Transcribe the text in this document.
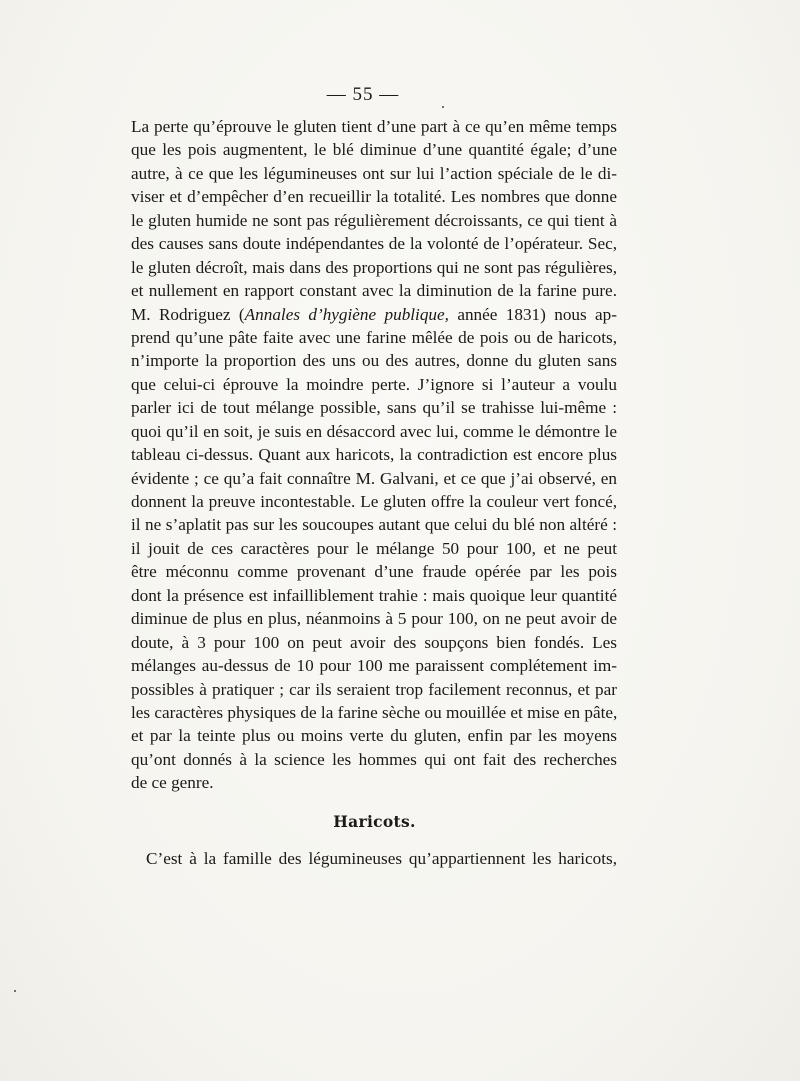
— 55 —
La perte qu’éprouve le gluten tient d’une part à ce qu’en même temps
que les pois augmentent, le blé diminue d’une quantité égale; d’une
autre, à ce que les légumineuses ont sur lui l’action spéciale de le di-
viser et d’empêcher d’en recueillir la totalité. Les nombres que donne
le gluten humide ne sont pas régulièrement décroissants, ce qui tient à
des causes sans doute indépendantes de la volonté de l’opérateur. Sec,
le gluten décroît, mais dans des proportions qui ne sont pas régulières,
et nullement en rapport constant avec la diminution de la farine pure.
M. Rodriguez (Annales d’hygiène publique, année 1831) nous ap-
prend qu’une pâte faite avec une farine mêlée de pois ou de haricots,
n’importe la proportion des uns ou des autres, donne du gluten sans
que celui-ci éprouve la moindre perte. J’ignore si l’auteur a voulu
parler ici de tout mélange possible, sans qu’il se trahisse lui-même :
quoi qu’il en soit, je suis en désaccord avec lui, comme le démontre le
tableau ci-dessus. Quant aux haricots, la contradiction est encore plus
évidente ; ce qu’a fait connaître M. Galvani, et ce que j’ai observé, en
donnent la preuve incontestable. Le gluten offre la couleur vert foncé,
il ne s’aplatit pas sur les soucoupes autant que celui du blé non altéré :
il jouit de ces caractères pour le mélange 50 pour 100, et ne peut
être méconnu comme provenant d’une fraude opérée par les pois
dont la présence est infailliblement trahie : mais quoique leur quantité
diminue de plus en plus, néanmoins à 5 pour 100, on ne peut avoir de
doute, à 3 pour 100 on peut avoir des soupçons bien fondés. Les
mélanges au-dessus de 10 pour 100 me paraissent complétement im-
possibles à pratiquer ; car ils seraient trop facilement reconnus, et par
les caractères physiques de la farine sèche ou mouillée et mise en pâte,
et par la teinte plus ou moins verte du gluten, enfin par les moyens
qu’ont donnés à la science les hommes qui ont fait des recherches
de ce genre.
Haricots.
C’est à la famille des légumineuses qu’appartiennent les haricots,
